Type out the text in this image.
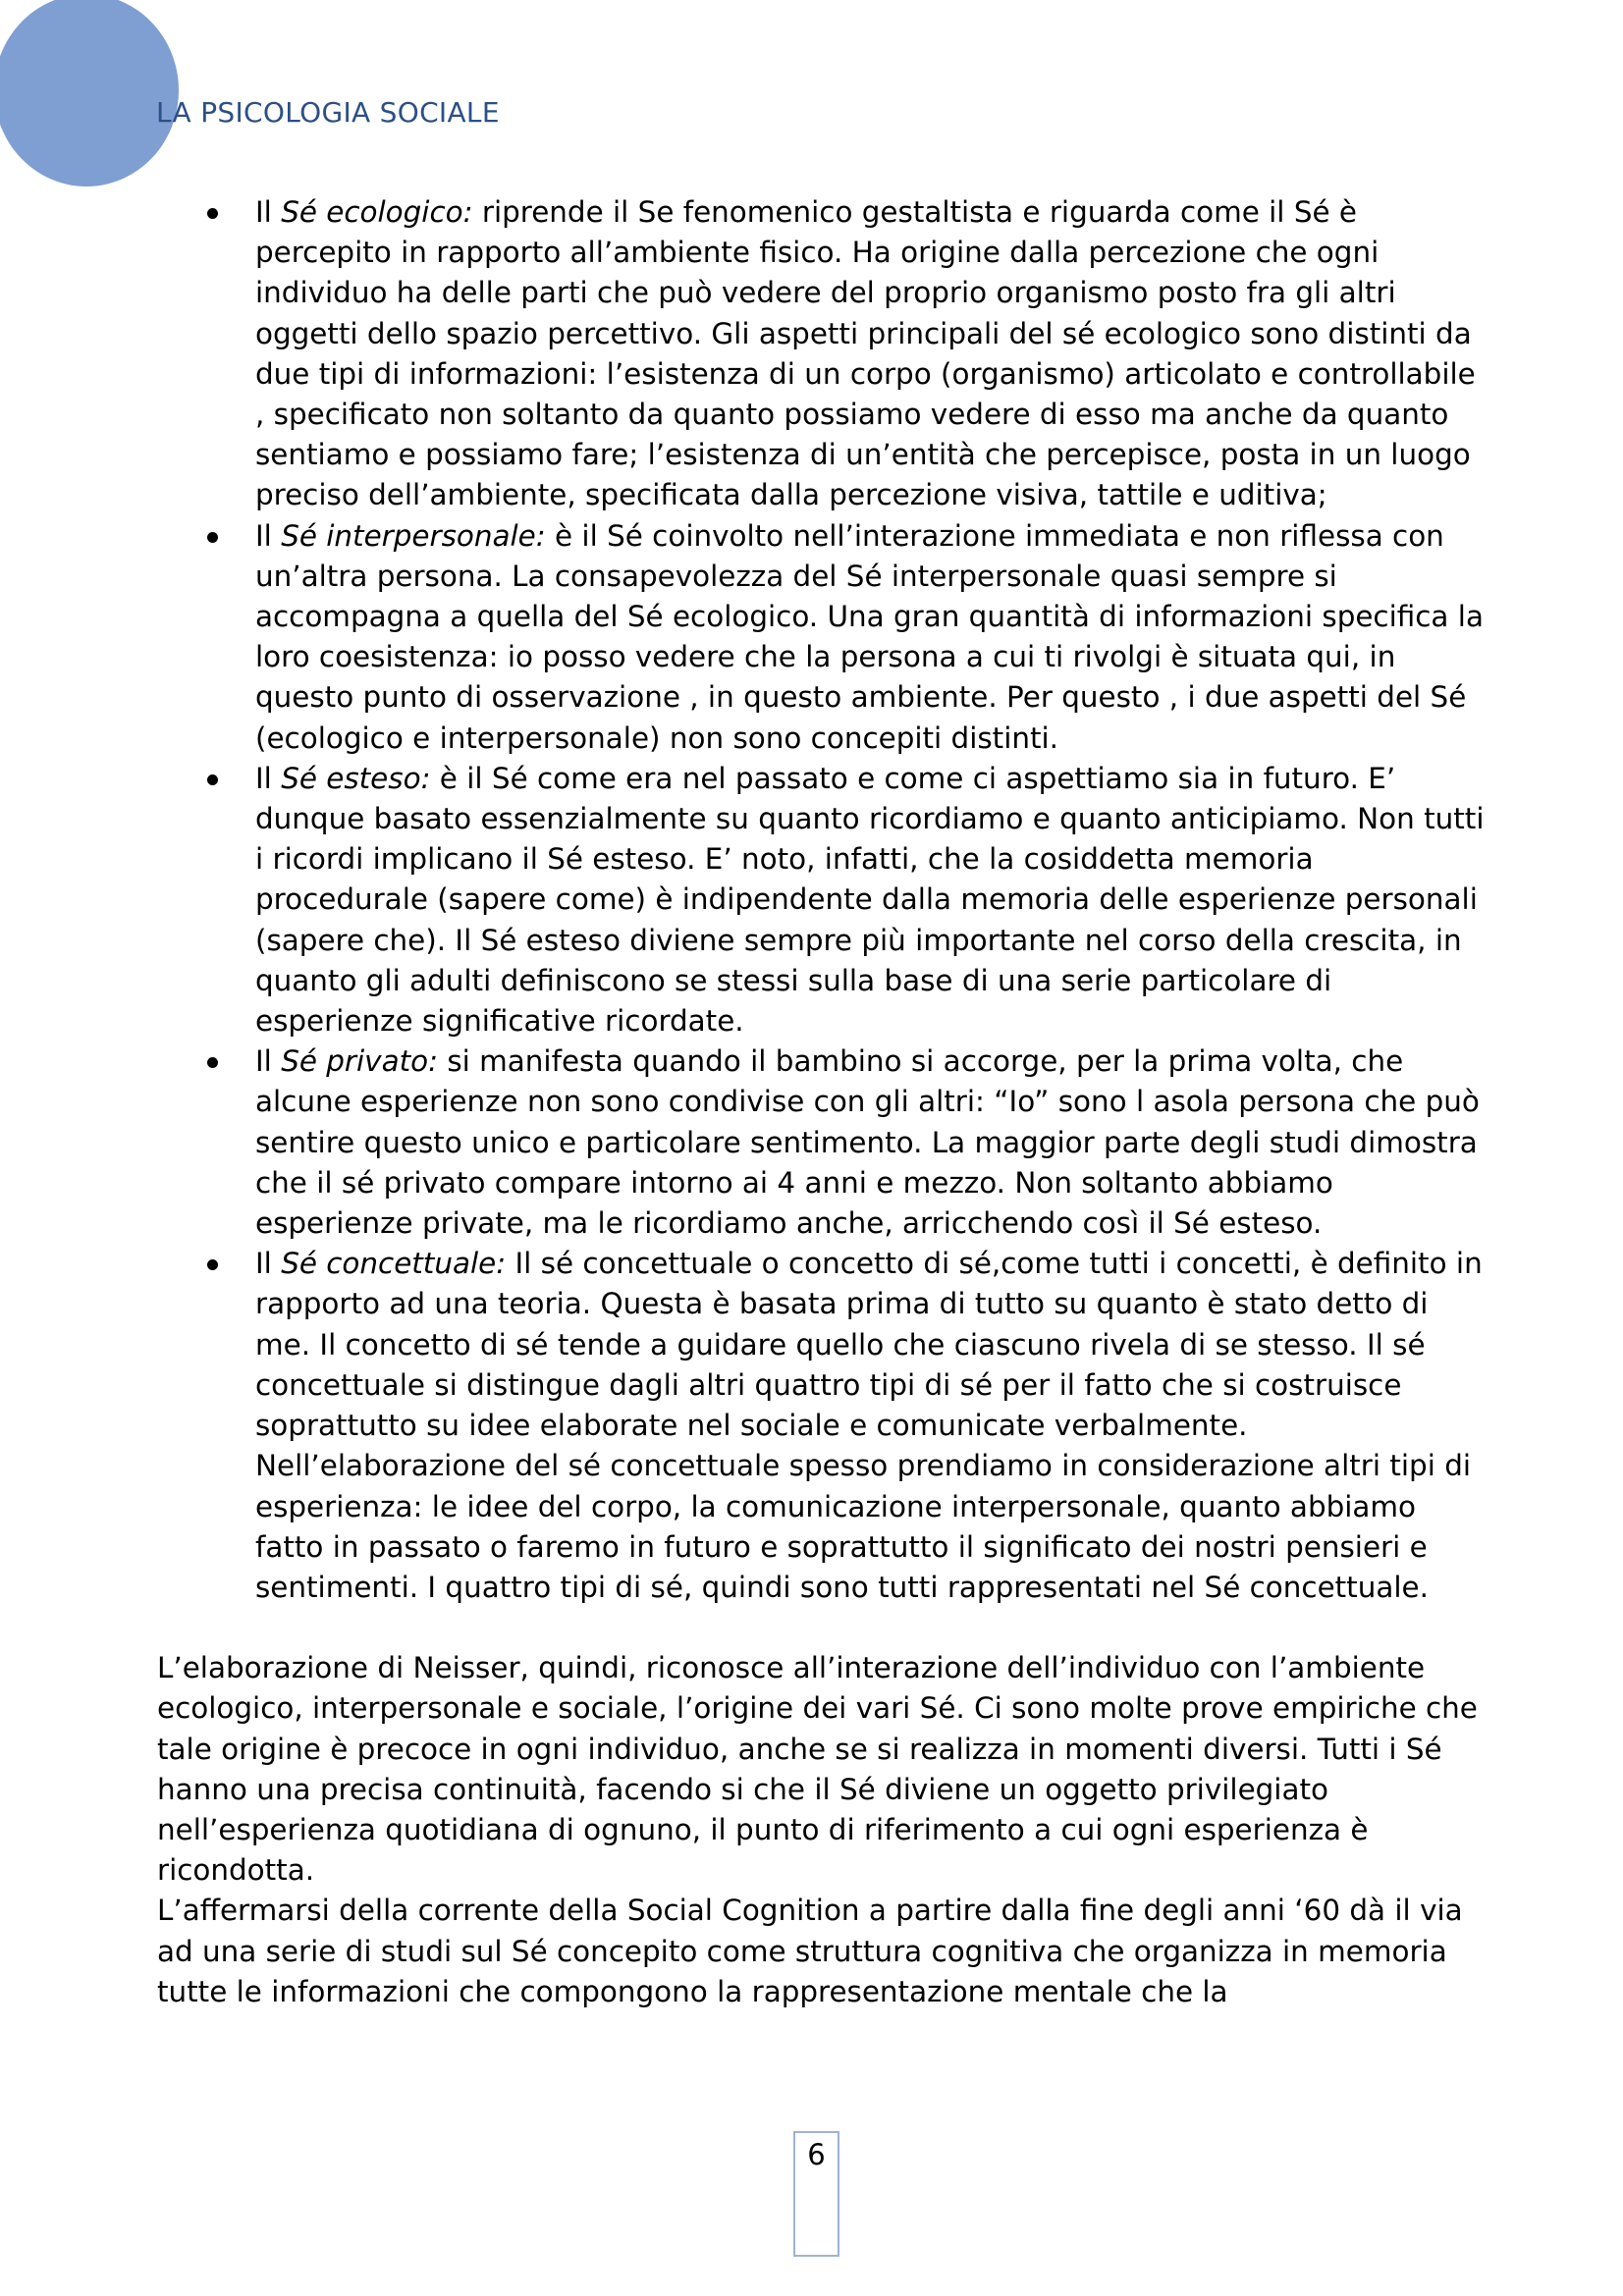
LA PSICOLOGIA SOCIALE
Il Sé ecologico: riprende il Se fenomenico gestaltista e riguarda come il Sé è percepito in rapporto all’ambiente fisico. Ha origine dalla percezione che ogni individuo ha delle parti che può vedere del proprio organismo posto fra gli altri oggetti dello spazio percettivo. Gli aspetti principali del sé ecologico sono distinti da due tipi di informazioni: l’esistenza di un corpo (organismo) articolato e controllabile , specificato non soltanto da quanto possiamo vedere di esso ma anche da quanto sentiamo e possiamo fare; l’esistenza di un’entità che percepisce, posta in un luogo preciso dell’ambiente, specificata dalla percezione visiva, tattile e uditiva;
Il Sé interpersonale: è il Sé coinvolto nell’interazione immediata e non riflessa con un’altra persona. La consapevolezza del Sé interpersonale quasi sempre si accompagna a quella del Sé ecologico. Una gran quantità di informazioni specifica la loro coesistenza: io posso vedere che la persona a cui ti rivolgi è situata qui, in questo punto di osservazione , in questo ambiente. Per questo , i due aspetti del Sé (ecologico e interpersonale) non sono concepiti distinti.
Il Sé esteso: è il Sé come era nel passato e come ci aspettiamo sia in futuro. E’ dunque basato essenzialmente su quanto ricordiamo e quanto anticipiamo. Non tutti i ricordi implicano il Sé esteso. E’ noto, infatti, che la cosiddetta memoria procedurale (sapere come) è indipendente dalla memoria delle esperienze personali (sapere che). Il Sé esteso diviene sempre più importante nel corso della crescita, in quanto gli adulti definiscono se stessi sulla base di una serie particolare di esperienze significative ricordate.
Il Sé privato: si manifesta quando il bambino si accorge, per la prima volta, che alcune esperienze non sono condivise con gli altri: “Io” sono l asola persona che può sentire questo unico e particolare sentimento. La maggior parte degli studi dimostra che il sé privato compare intorno ai 4 anni e mezzo. Non soltanto abbiamo esperienze private, ma le ricordiamo anche, arricchendo così il Sé esteso.
Il Sé concettuale: Il sé concettuale o concetto di sé,come tutti i concetti, è definito in rapporto ad una teoria. Questa è basata prima di tutto su quanto è stato detto di me. Il concetto di sé tende a guidare quello che ciascuno rivela di se stesso. Il sé concettuale si distingue dagli altri quattro tipi di sé per il fatto che si costruisce soprattutto su idee elaborate nel sociale e comunicate verbalmente. Nell’elaborazione del sé concettuale spesso prendiamo in considerazione altri tipi di esperienza: le idee del corpo, la comunicazione interpersonale, quanto abbiamo fatto in passato o faremo in futuro e soprattutto il significato dei nostri pensieri e sentimenti. I quattro tipi di sé, quindi sono tutti rappresentati nel Sé concettuale.

L’elaborazione di Neisser, quindi, riconosce all’interazione dell’individuo con l’ambiente ecologico, interpersonale e sociale, l’origine dei vari Sé. Ci sono molte prove empiriche che tale origine è precoce in ogni individuo, anche se si realizza in momenti diversi. Tutti i Sé hanno una precisa continuità, facendo si che il Sé diviene un oggetto privilegiato nell’esperienza quotidiana di ognuno, il punto di riferimento a cui ogni esperienza è ricondotta.

L’affermarsi della corrente della Social Cognition a partire dalla fine degli anni ‘60 dà il via ad una serie di studi sul Sé concepito come struttura cognitiva che organizza in memoria tutte le informazioni che compongono la rappresentazione mentale che la

6
